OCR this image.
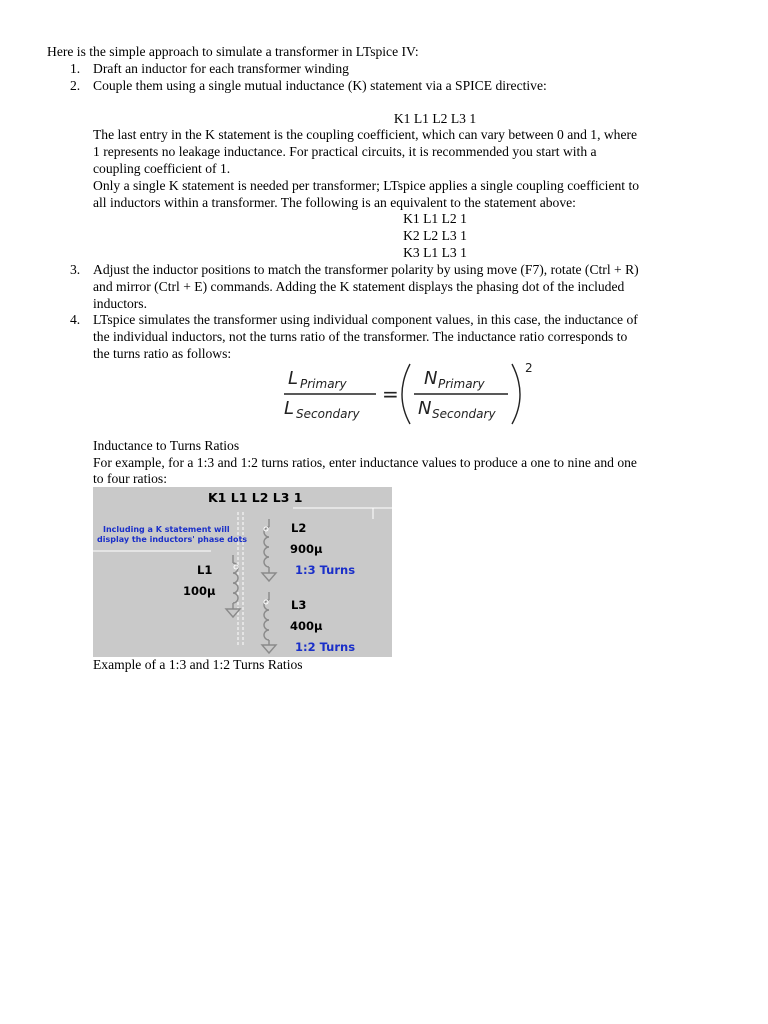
Here is the simple approach to simulate a transformer in LTspice IV:
1. Draft an inductor for each transformer winding
2. Couple them using a single mutual inductance (K) statement via a SPICE directive:
K1 L1 L2 L3 1
The last entry in the K statement is the coupling coefficient, which can vary between 0 and 1, where
1 represents no leakage inductance. For practical circuits, it is recommended you start with a
coupling coefficient of 1.
Only a single K statement is needed per transformer; LTspice applies a single coupling coefficient to
all inductors within a transformer. The following is an equivalent to the statement above:
K1 L1 L2 1
K2 L2 L3 1
K3 L1 L3 1
3. Adjust the inductor positions to match the transformer polarity by using move (F7), rotate (Ctrl + R)
and mirror (Ctrl + E) commands. Adding the K statement displays the phasing dot of the included
inductors.
4. LTspice simulates the transformer using individual component values, in this case, the inductance of
the individual inductors, not the turns ratio of the transformer. The inductance ratio corresponds to
the turns ratio as follows:
L Primary
L Secondary
=
N Primary
N Secondary
2
Inductance to Turns Ratios
For example, for a 1:3 and 1:2 turns ratios, enter inductance values to produce a one to nine and one
to four ratios:
K1 L1 L2 L3 1
Including a K statement will
display the inductors' phase dots
L1
100μ
L2
900μ
1:3 Turns
L3
400μ
1:2 Turns
Example of a 1:3 and 1:2 Turns Ratios
